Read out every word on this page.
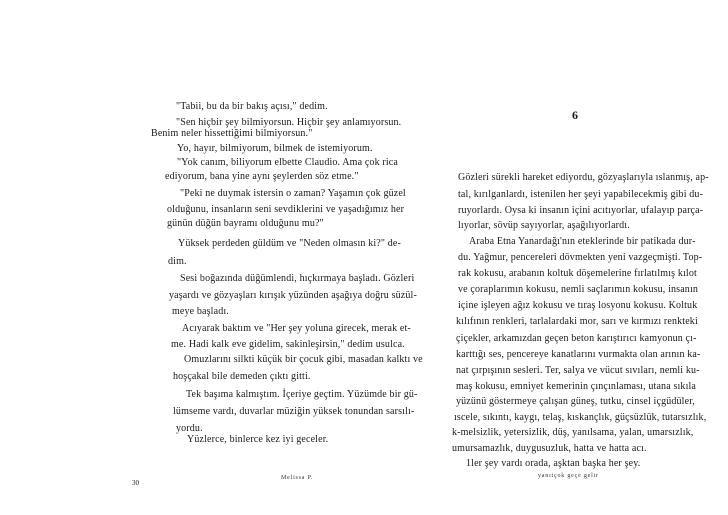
"Tabii, bu da bir bakış açısı," dedim.
"Sen hiçbir şey bilmiyorsun. Hiçbir şey anlamıyorsun.
Benim neler hissettiğimi bilmiyorsun."
Yo, hayır, bilmiyorum, bilmek de istemiyorum.
"Yok canım, biliyorum elbette Claudio. Ama çok rica
ediyorum, bana yine aynı şeylerden söz etme."
"Peki ne duymak istersin o zaman? Yaşamın çok güzel
olduğunu, insanların seni sevdiklerini ve yaşadığımız her
günün düğün bayramı olduğunu mu?"
Yüksek perdeden güldüm ve "Neden olmasın ki?" de-
dim.
Sesi boğazında düğümlendi, hıçkırmaya başladı. Gözleri
yaşardı ve gözyaşları kırışık yüzünden aşağıya doğru süzül-
meye başladı.
Acıyarak baktım ve "Her şey yoluna girecek, merak et-
me. Hadi kalk eve gidelim, sakinleşirsin," dedim usulca.
Omuzlarını silkti küçük bir çocuk gibi, masadan kalktı ve
hoşçakal bile demeden çıktı gitti.
Tek başıma kalmıştım. İçeriye geçtim. Yüzümde bir gü-
lümseme vardı, duvarlar müziğin yüksek tonundan sarsılı-
yordu.
Yüzlerce, binlerce kez iyi geceler.
Melissa P.
30
6
Gözleri sürekli hareket ediyordu, gözyaşlarıyla ıslanmış, ap-
tal, kırılganlardı, istenilen her şeyi yapabilecekmiş gibi du-
ruyorlardı. Oysa ki insanın içini acıtıyorlar, ufalayıp parça-
lıyorlar, sövüp sayıyorlar, aşağılıyorlardı.
Araba Etna Yanardağı'nın eteklerinde bir patikada dur-
du. Yağmur, pencereleri dövmekten yeni vazgeçmişti. Top-
rak kokusu, arabanın koltuk döşemelerine fırlatılmış kılot
ve çoraplarımın kokusu, nemli saçlarımın kokusu, insanın
içine işleyen ağız kokusu ve tıraş losyonu kokusu. Koltuk
kılıfının renkleri, tarlalardaki mor, sarı ve kırmızı renkteki
çiçekler, arkamızdan geçen beton karıştırıcı kamyonun çı-
karttığı ses, pencereye kanatlarını vurmakta olan arının ka-
nat çırpışının sesleri. Ter, salya ve vücut sıvıları, nemli ku-
maş kokusu, emniyet kemerinin çınçınlaması, utana sıkıla
yüzünü göstermeye çalışan güneş, tutku, cinsel içgüdüler,
ıscele, sıkıntı, kaygı, telaş, kıskançlık, güçsüzlük, tutarsızlık,
k-melsizlik, yetersizlik, düş, yanılsama, yalan, umarsızlık,
umursamazlık, duygusuzluk, hatta ve hatta acı.
1ler şey vardı orada, aşktan başka her şey.
yanıtçok geçe gelir
